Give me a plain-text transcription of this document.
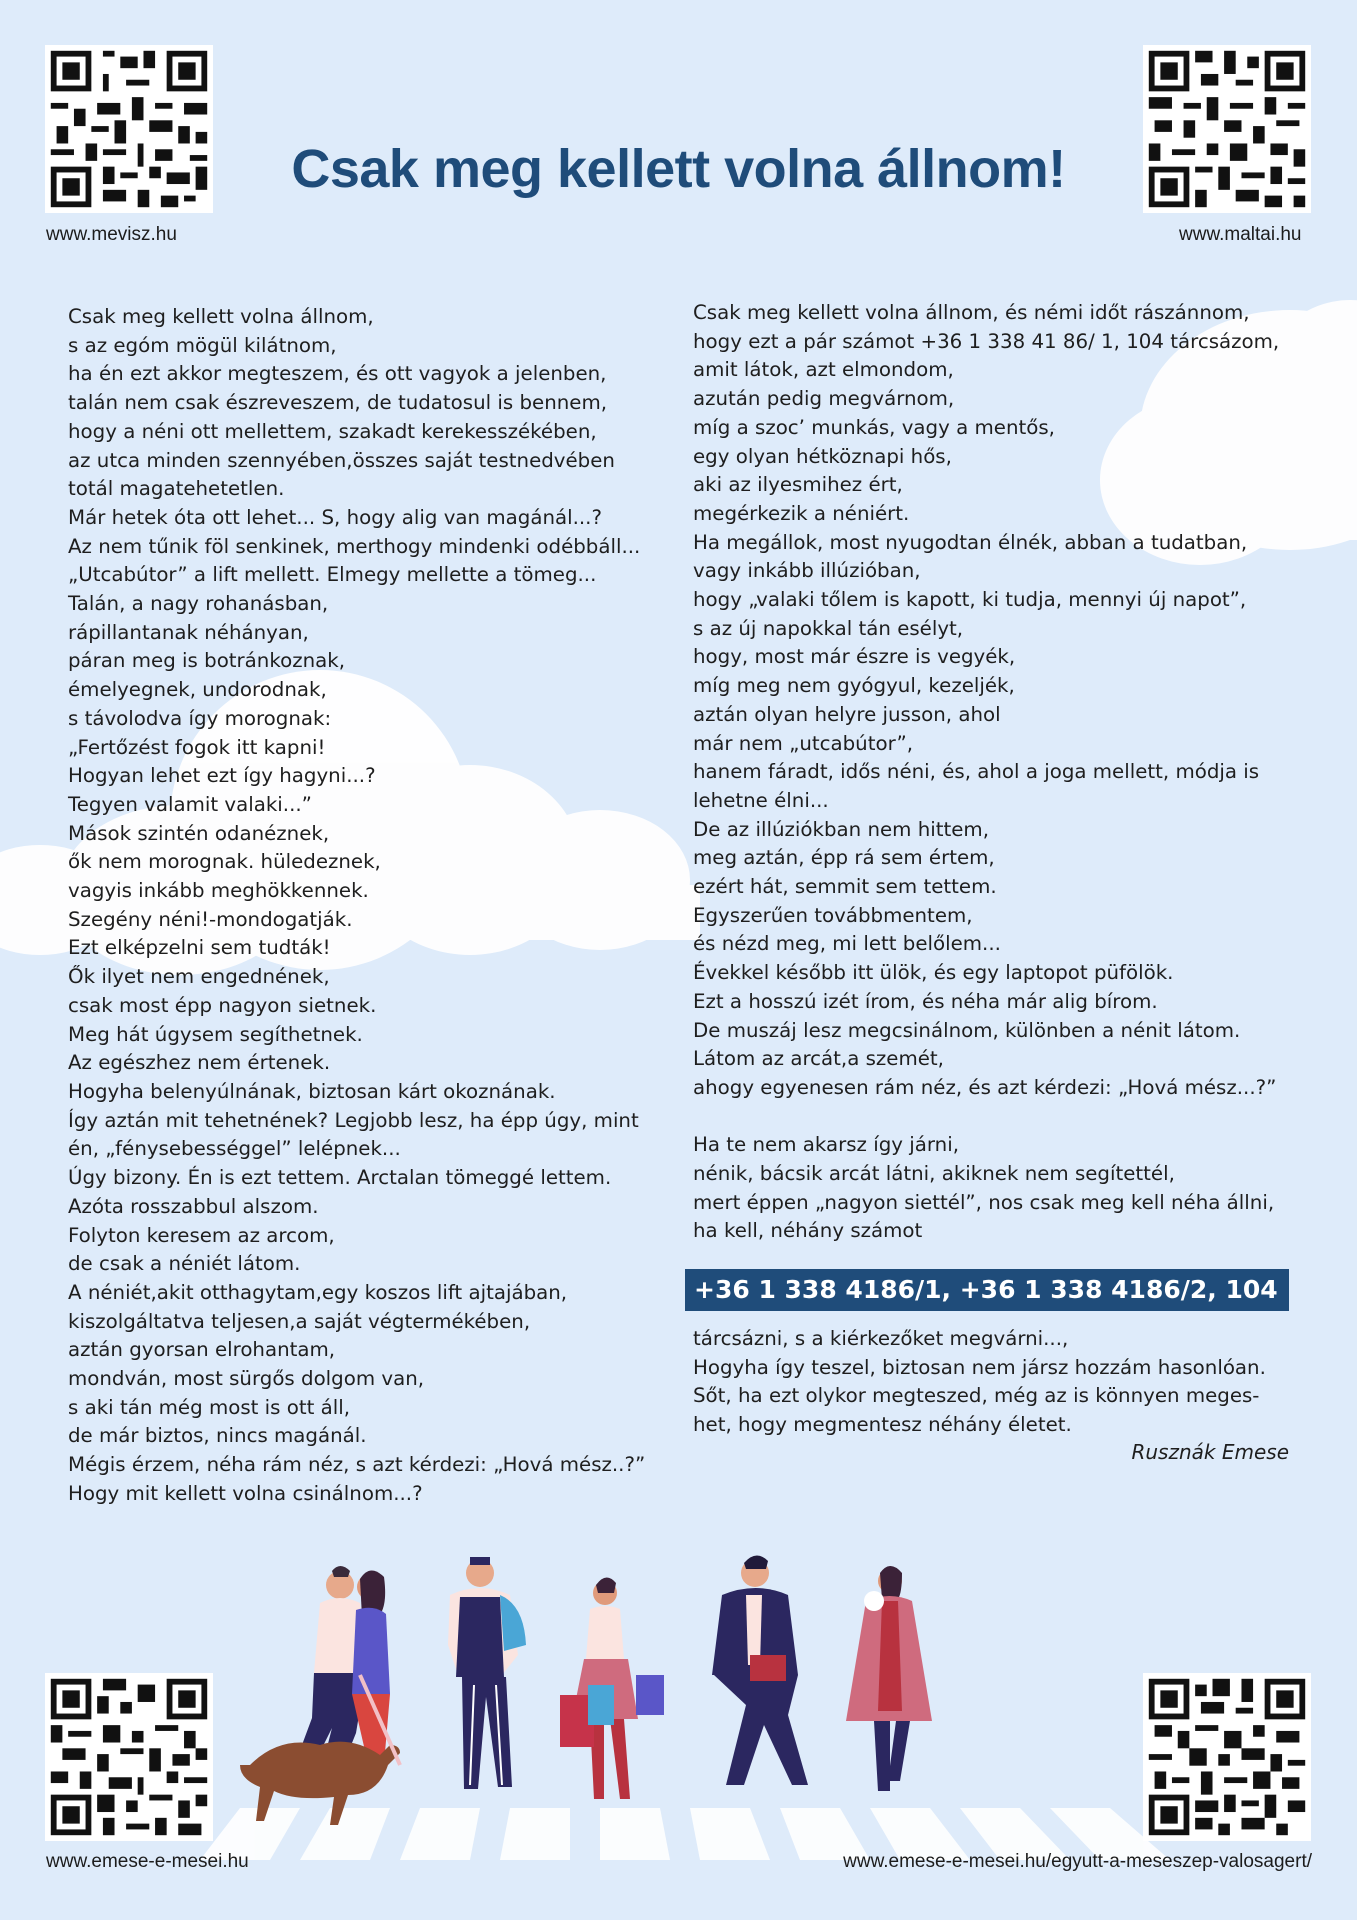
www.mevisz.hu	www.maltai.hu
Csak meg kellett volna állnom!
Csak meg kellett volna állnom,
s az egóm mögül kilátnom,
ha én ezt akkor megteszem, és ott vagyok a jelenben,
talán nem csak észreveszem, de tudatosul is bennem,
hogy a néni ott mellettem, szakadt kerekesszékében,
az utca minden szennyében,összes saját testnedvében
totál magatehetetlen.
Már hetek óta ott lehet... S, hogy alig van magánál...?
Az nem tűnik föl senkinek, merthogy mindenki odébbáll...
„Utcabútor” a lift mellett. Elmegy mellette a tömeg...
Talán, a nagy rohanásban,
rápillantanak néhányan,
páran meg is botránkoznak,
émelyegnek, undorodnak,
s távolodva így morognak:
„Fertőzést fogok itt kapni!
Hogyan lehet ezt így hagyni...?
Tegyen valamit valaki...”
Mások szintén odanéznek,
ők nem morognak. hüledeznek,
vagyis inkább meghökkennek.
Szegény néni!-mondogatják.
Ezt elképzelni sem tudták!
Ők ilyet nem engednének,
csak most épp nagyon sietnek.
Meg hát úgysem segíthetnek.
Az egészhez nem értenek.
Hogyha belenyúlnának, biztosan kárt okoznának.
Így aztán mit tehetnének? Legjobb lesz, ha épp úgy, mint
én, „fénysebességgel” lelépnek...
Úgy bizony. Én is ezt tettem. Arctalan tömeggé lettem.
Azóta rosszabbul alszom.
Folyton keresem az arcom,
de csak a néniét látom.
A néniét,akit otthagytam,egy koszos lift ajtajában,
kiszolgáltatva teljesen,a saját végtermékében,
aztán gyorsan elrohantam,
mondván, most sürgős dolgom van,
s aki tán még most is ott áll,
de már biztos, nincs magánál.
Mégis érzem, néha rám néz, s azt kérdezi: „Hová mész..?”
Hogy mit kellett volna csinálnom...?
Csak meg kellett volna állnom, és némi időt rászánnom,
hogy ezt a pár számot +36 1 338 41 86/ 1, 104 tárcsázom,
amit látok, azt elmondom,
azután pedig megvárnom,
míg a szoc’ munkás, vagy a mentős,
egy olyan hétköznapi hős,
aki az ilyesmihez ért,
megérkezik a néniért.
Ha megállok, most nyugodtan élnék, abban a tudatban,
vagy inkább illúzióban,
hogy „valaki tőlem is kapott, ki tudja, mennyi új napot”,
s az új napokkal tán esélyt,
hogy, most már észre is vegyék,
míg meg nem gyógyul, kezeljék,
aztán olyan helyre jusson, ahol
már nem „utcabútor”,
hanem fáradt, idős néni, és, ahol a joga mellett, módja is
lehetne élni...
De az illúziókban nem hittem,
meg aztán, épp rá sem értem,
ezért hát, semmit sem tettem.
Egyszerűen továbbmentem,
és nézd meg, mi lett belőlem...
Évekkel később itt ülök, és egy laptopot püfölök.
Ezt a hosszú izét írom, és néha már alig bírom.
De muszáj lesz megcsinálnom, különben a nénit látom.
Látom az arcát,a szemét,
ahogy egyenesen rám néz, és azt kérdezi: „Hová mész...?”
Ha te nem akarsz így járni,
nénik, bácsik arcát látni, akiknek nem segítettél,
mert éppen „nagyon siettél”, nos csak meg kell néha állni,
ha kell, néhány számot
+36 1 338 4186/1, +36 1 338 4186/2, 104
tárcsázni, s a kiérkezőket megvárni...,
Hogyha így teszel, biztosan nem jársz hozzám hasonlóan.
Sőt, ha ezt olykor megteszed, még az is könnyen meges-
het, hogy megmentesz néhány életet.
Rusznák Emese
www.emese-e-mesei.hu	www.emese-e-mesei.hu/egyutt-a-meseszep-valosagert/
